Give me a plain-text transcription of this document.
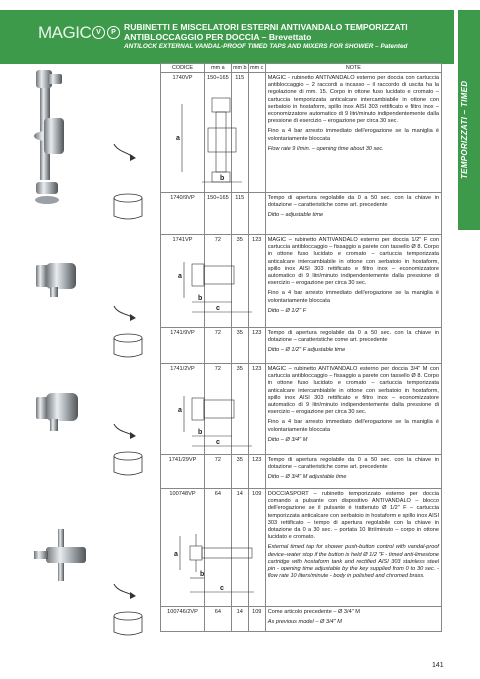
MAGIC V	P
RUBINETTI E MISCELATORI ESTERNI ANTIVANDALO TEMPORIZZATI ANTIBLOCCAGGIO PER DOCCIA – Brevettato
ANTILOCK EXTERNAL VANDAL-PROOF TIMED TAPS AND MIXERS FOR SHOWER – Patented
TEMPORIZZATI – TIMED
CODICE	mm a	mm b	mm c	NOTE
1740VP	150÷165	115		MAGIC - rubinetto ANTIVANDALO esterno per doccia con cartuccia antibloccaggio – 2 raccordi a incasso – il raccordo di uscita ha la regolazione di mm. 15. Corpo in ottone fuso lucidato e cromato – cartuccia temporizzata anticalcare intercambiabile in ottone con serbatoio in hostaform, spillo inox AISI 303 rettificato e filtro inox – economizzatore automatico di 9 litri/minuto indipendentemente dalla pressione di esercizio – erogazione per circa 30 sec.

Fino a 4 bar arresto immediato dell'erogazione se la maniglia è volontariamente bloccata

Flow rate 9 l/min. – opening time about 30 sec.

1740/9VP	150÷165	115		Tempo di apertura regolabile da 0 a 50 sec. con la chiave in dotazione – caratteristiche come art. precedente

Ditto – adjustable time

1741VP	72	35	123	MAGIC – rubinetto ANTIVANDALO esterno per doccia 1/2" F con cartuccia antibloccaggio – fissaggio a parete con tassello Ø 8. Corpo in ottone fuso lucidato e cromato – cartuccia temporizzata anticalcare intercambiabile in ottone con serbatoio in hostaform, spillo inox AISI 303 rettificato e filtro inox – economizzatore automatico di 9 litri/minuto indipendentemente dalla pressione di esercizio – erogazione per circa 30 sec.

Fino a 4 bar arresto immediato dell'erogazione se la maniglia è volontariamente bloccata

Ditto – Ø 1/2" F

1741/9VP	72	35	123	Tempo di apertura regolabile da 0 a 50 sec. con la chiave in dotazione – caratteristiche come art. precedente

Ditto – Ø 1/2" F adjustable time

1741/2VP	72	35	123	MAGIC – rubinetto ANTIVANDALO esterno per doccia 3/4" M con cartuccia antibloccaggio – fissaggio a parete con tassello Ø 8. Corpo in ottone fuso lucidato e cromato – cartuccia temporizzata anticalcare intercambiabile in ottone con serbatoio in hostaform, spillo inox AISI 303 rettificato e filtro inox – economizzatore automatico di 9 litri/minuto indipendentemente dalla pressione di esercizio – erogazione per circa 30 sec.

Fino a 4 bar arresto immediato dell'erogazione se la maniglia è volontariamente bloccata

Ditto – Ø 3/4" M

1741/29VP	72	35	123	Tempo di apertura regolabile da 0 a 50 sec. con la chiave in dotazione – caratteristiche come art. precedente

Ditto – Ø 3/4" M adjustable time

100748VP	64	14	109	DOCCIASPORT – rubinetto temporizzato esterno per doccia comando a pulsante con dispositivo ANTIVANDALO – blocco dell'erogazione se il pulsante è trattenuto Ø 1/2" F – cartuccia temporizzata anticalcare con serbatoio in hostaform e spillo inox AISI 303 rettificato – tempo di apertura regolabile con la chiave in dotazione da 0 a 30 sec. – portata 10 litri/minuto – corpo in ottone lucidato e cromato.

External timed tap for shower push-button control with vandal-proof device–water stop if the button is held Ø 1/2 "F - timed anti-limestone cartridge with hostaform tank and rectified AISI 303 stainless steel pin - opening time adjustable by the key supplied from 0 to 30 sec. - flow rate 10 liters/minute - body in polished and chromed brass.

100746/2VP	64	14	109	Come articolo precedente – Ø 3/4" M

As previous model – Ø 3/4" M

a
b
a
b
c
a
b
c
a
b
c
141
